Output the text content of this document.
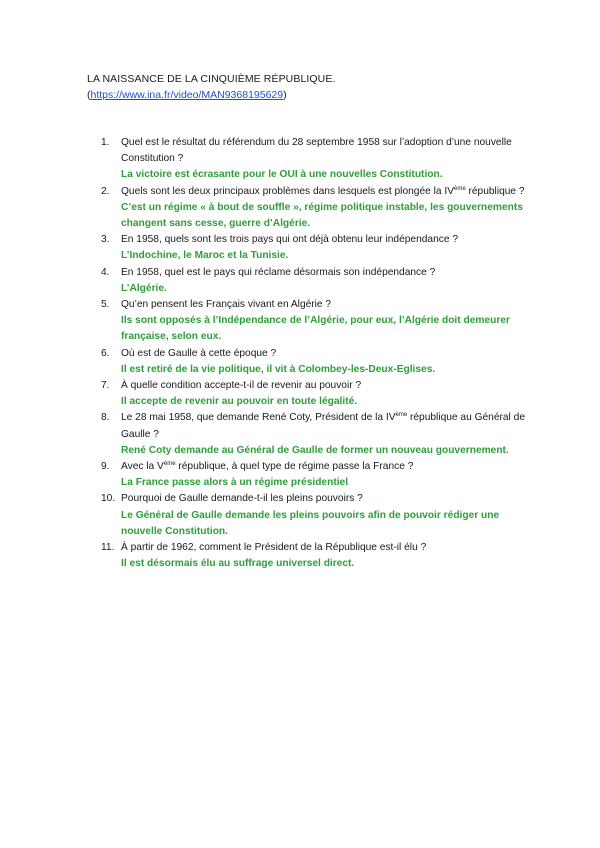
LA NAISSANCE DE LA CINQUIÈME RÉPUBLIQUE.
(https://www.ina.fr/video/MAN9368195629)
1.	Quel est le résultat du référendum du 28 septembre 1958 sur l’adoption d’une nouvelle Constitution ?
La victoire est écrasante pour le OUI à une nouvelles Constitution.
2.	Quels sont les deux principaux problèmes dans lesquels est plongée la IVème république ?
C’est un régime « à bout de souffle », régime politique instable, les gouvernements changent sans cesse, guerre d’Algérie.
3.	En 1958, quels sont les trois pays qui ont déjà obtenu leur indépendance ?
L’Indochine, le Maroc et la Tunisie.
4.	En 1958, quel est le pays qui réclame désormais son indépendance ?
L’Algérie.
5.	Qu’en pensent les Français vivant en Algérie ?
Ils sont opposés à l’Indépendance de l’Algérie, pour eux, l’Algérie doit demeurer française, selon eux.
6.	Où est de Gaulle à cette époque ?
Il est retiré de la vie politique, il vit à Colombey-les-Deux-Eglises.
7.	À quelle condition accepte-t-il de revenir au pouvoir ?
Il accepte de revenir au pouvoir en toute légalité.
8.	Le 28 mai 1958, que demande René Coty, Président de la IVème république au Général de Gaulle ?
René Coty demande au Général de Gaulle de former un nouveau gouvernement.
9.	Avec la Vème république, à quel type de régime passe la France ?
La France passe alors à un régime présidentiel
10. Pourquoi de Gaulle demande-t-il les pleins pouvoirs ?
Le Général de Gaulle demande les pleins pouvoirs afin de pouvoir rédiger une nouvelle Constitution.
11. À partir de 1962, comment le Président de la République est-il élu ?
Il est désormais élu au suffrage universel direct.
